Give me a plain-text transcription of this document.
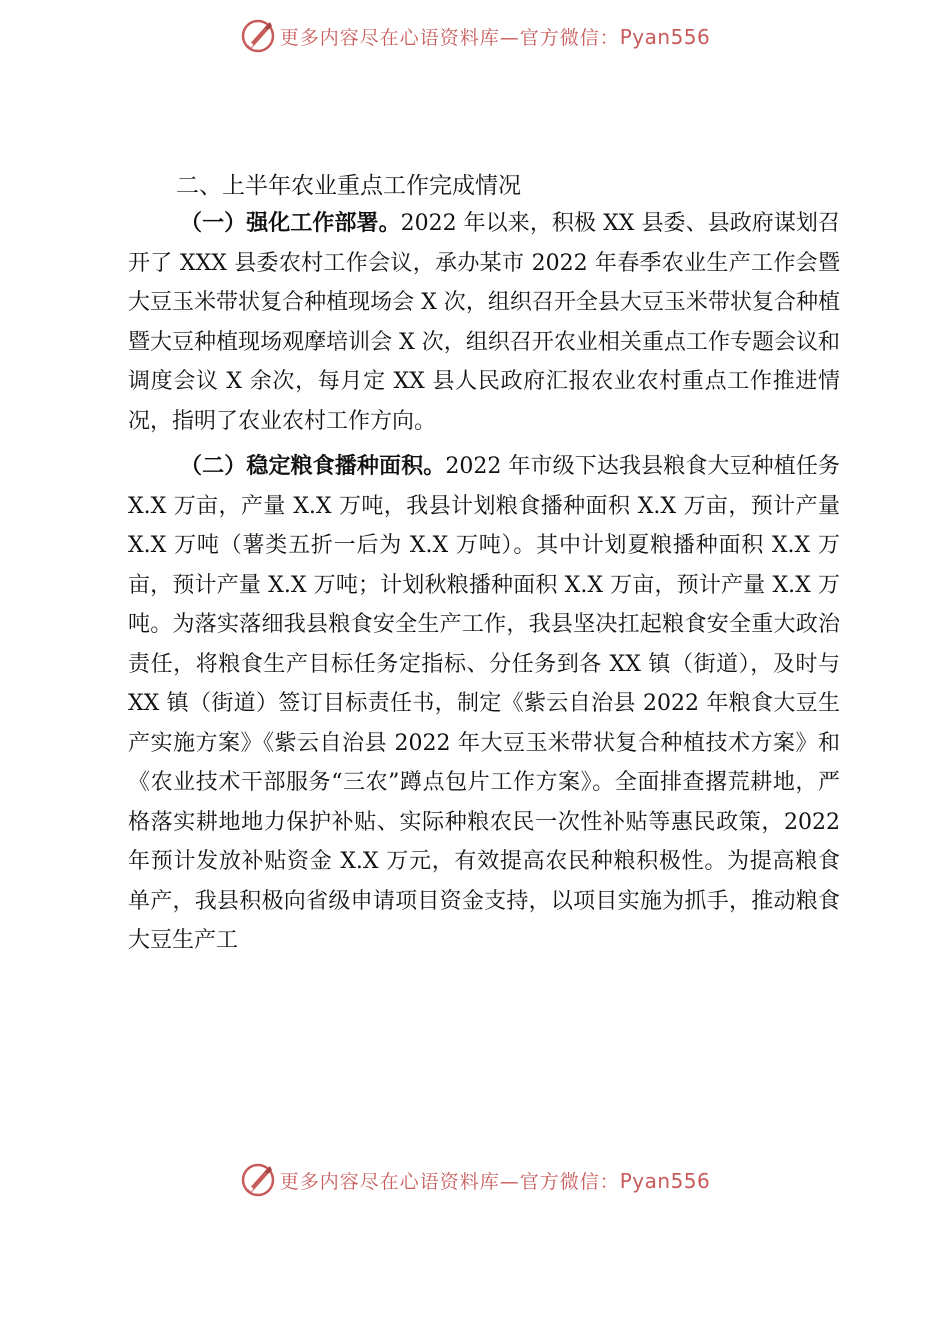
更多内容尽在心语资料库—官方微信：Pyan556
二、上半年农业重点工作完成情况

（一）强化工作部署。2022 年以来，积极 XX 县委、县政府谋划召开了 XXX 县委农村工作会议，承办某市 2022 年春季农业生产工作会暨大豆玉米带状复合种植现场会 X 次，组织召开全县大豆玉米带状复合种植暨大豆种植现场观摩培训会 X 次，组织召开农业相关重点工作专题会议和调度会议 X 余次，每月定 XX 县人民政府汇报农业农村重点工作推进情况，指明了农业农村工作方向。

（二）稳定粮食播种面积。2022 年市级下达我县粮食大豆种植任务 X.X 万亩，产量 X.X 万吨，我县计划粮食播种面积 X.X 万亩，预计产量 X.X 万吨（薯类五折一后为 X.X 万吨）。其中计划夏粮播种面积 X.X 万亩，预计产量 X.X 万吨；计划秋粮播种面积 X.X 万亩，预计产量 X.X 万吨。为落实落细我县粮食安全生产工作，我县坚决扛起粮食安全重大政治责任，将粮食生产目标任务定指标、分任务到各 XX 镇（街道），及时与 XX 镇（街道）签订目标责任书，制定《紫云自治县 2022 年粮食大豆生产实施方案》《紫云自治县 2022 年大豆玉米带状复合种植技术方案》和《农业技术干部服务“三农”蹲点包片工作方案》。全面排查撂荒耕地，严格落实耕地地力保护补贴、实际种粮农民一次性补贴等惠民政策，2022 年预计发放补贴资金 X.X 万元，有效提高农民种粮积极性。为提高粮食单产，我县积极向省级申请项目资金支持，以项目实施为抓手，推动粮食大豆生产工

更多内容尽在心语资料库—官方微信：Pyan556
